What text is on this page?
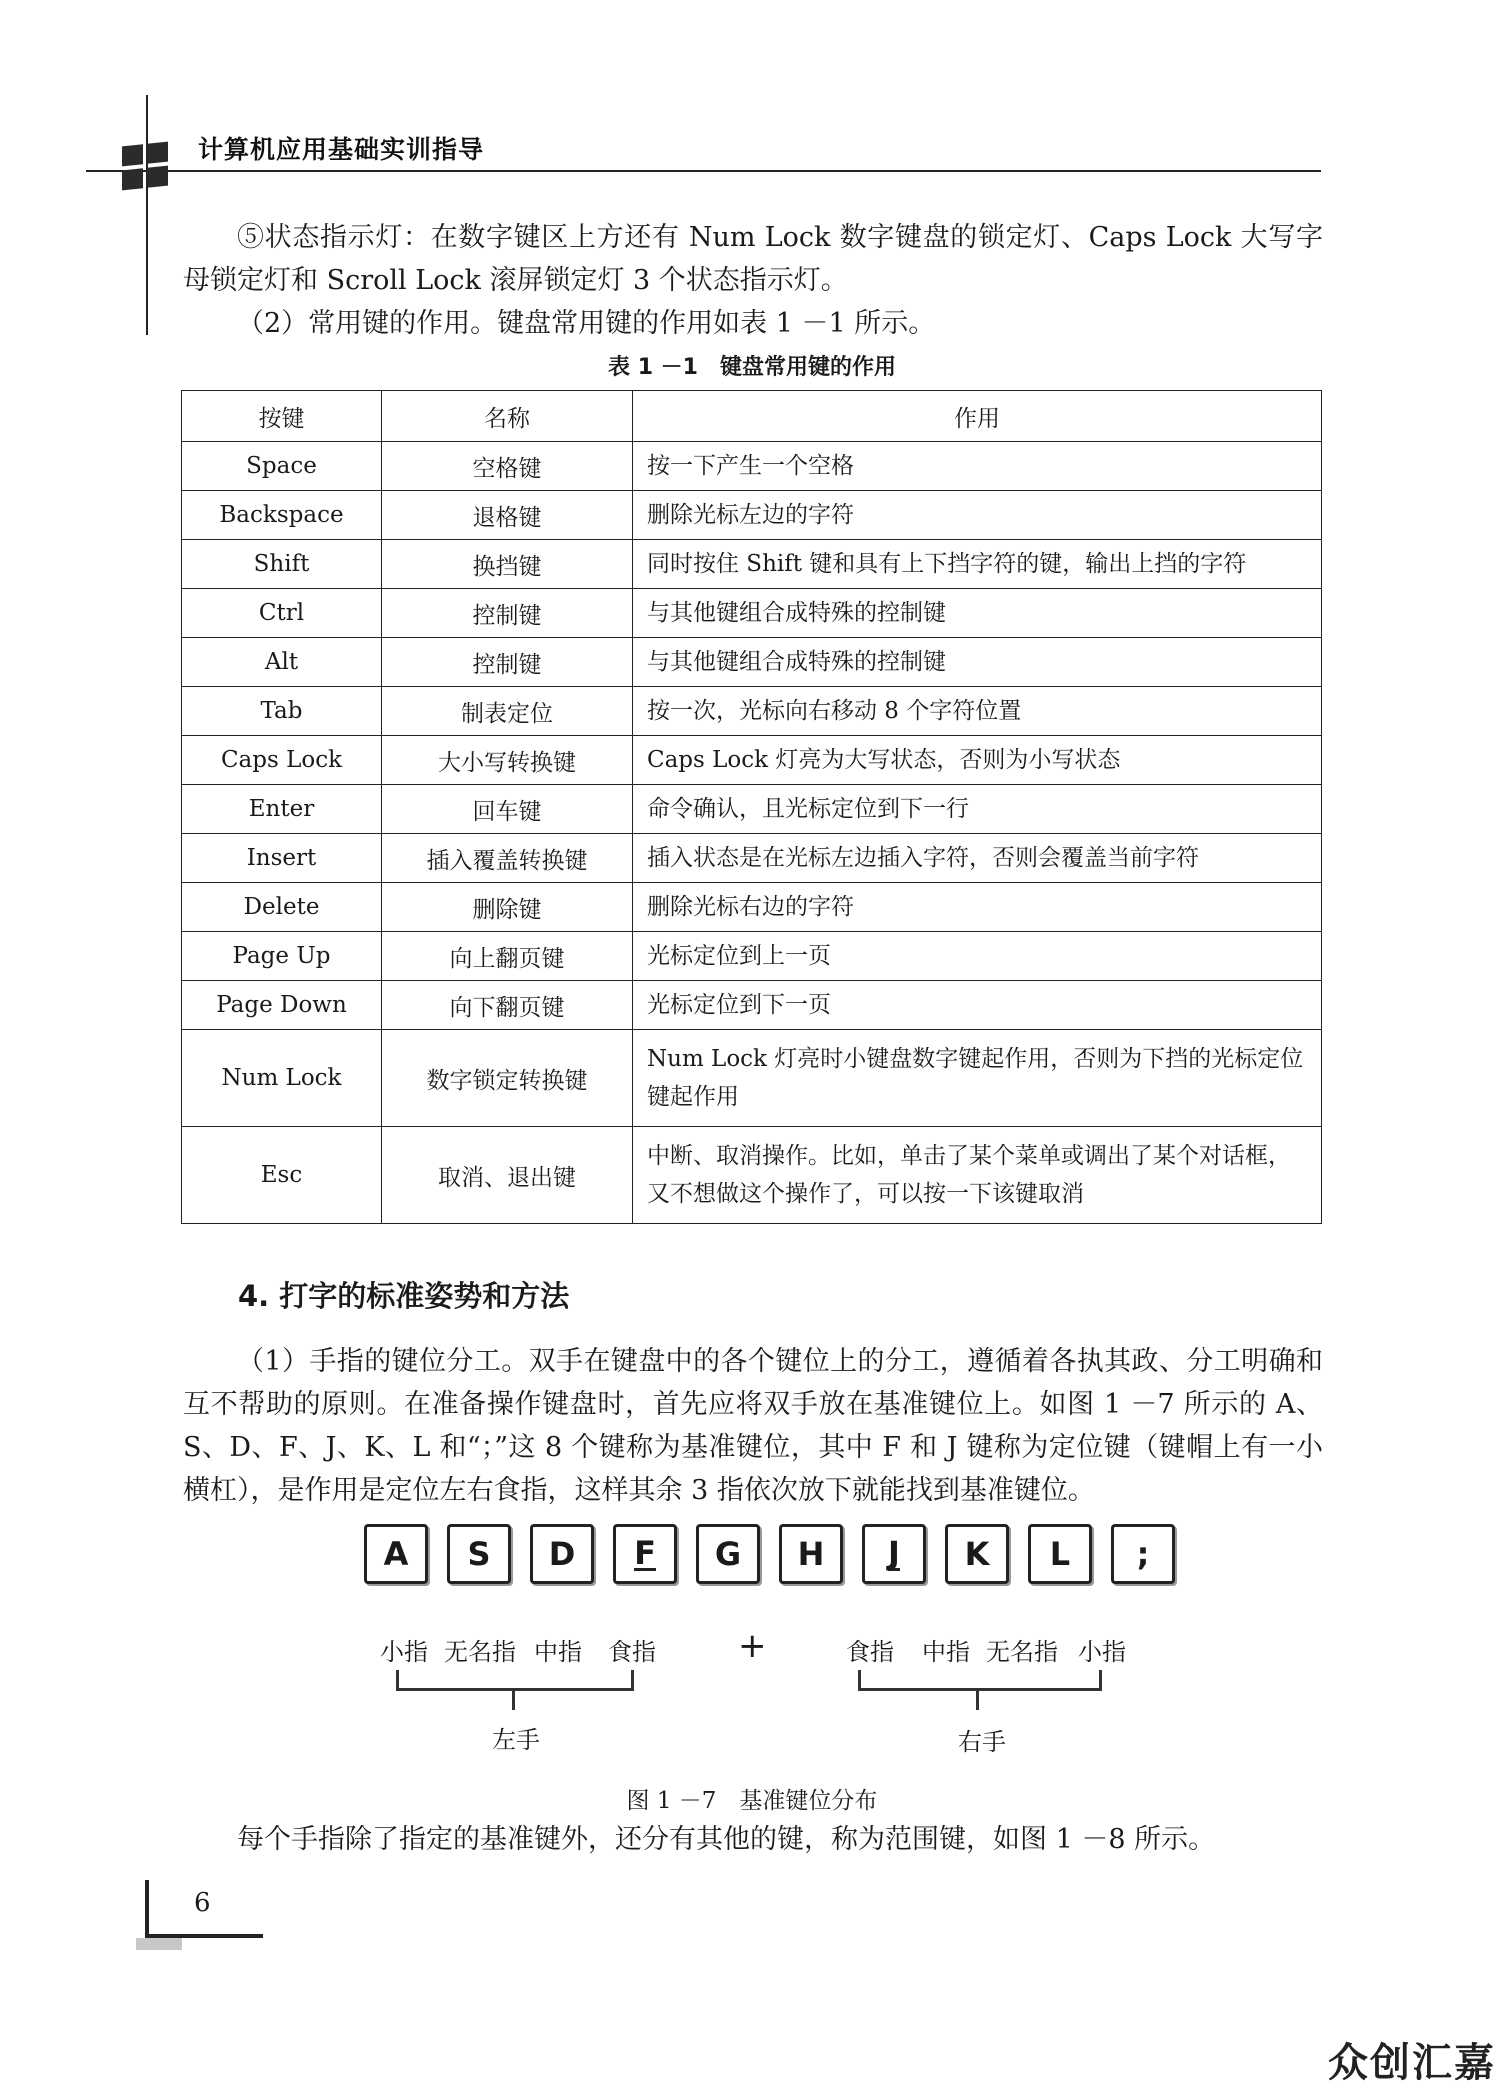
计算机应用基础实训指导
⑤状态指示灯：在数字键区上方还有 Num Lock 数字键盘的锁定灯、Caps Lock 大写字母锁定灯和 Scroll Lock 滚屏锁定灯 3 个状态指示灯。
（2）常用键的作用。键盘常用键的作用如表 1 －1 所示。
表 1 －1　键盘常用键的作用
按键	名称	作用
Space	空格键	按一下产生一个空格
Backspace	退格键	删除光标左边的字符
Shift	换挡键	同时按住 Shift 键和具有上下挡字符的键，输出上挡的字符
Ctrl	控制键	与其他键组合成特殊的控制键
Alt	控制键	与其他键组合成特殊的控制键
Tab	制表定位	按一次，光标向右移动 8 个字符位置
Caps Lock	大小写转换键	Caps Lock 灯亮为大写状态，否则为小写状态
Enter	回车键	命令确认，且光标定位到下一行
Insert	插入覆盖转换键	插入状态是在光标左边插入字符，否则会覆盖当前字符
Delete	删除键	删除光标右边的字符
Page Up	向上翻页键	光标定位到上一页
Page Down	向下翻页键	光标定位到下一页
Num Lock	数字锁定转换键	Num Lock 灯亮时小键盘数字键起作用，否则为下挡的光标定位键起作用
Esc	取消、退出键	中断、取消操作。比如，单击了某个菜单或调出了某个对话框，又不想做这个操作了，可以按一下该键取消
4. 打字的标准姿势和方法
（1）手指的键位分工。双手在键盘中的各个键位上的分工，遵循着各执其政、分工明确和互不帮助的原则。在准备操作键盘时，首先应将双手放在基准键位上。如图 1 －7 所示的 A、S、D、F、J、K、L 和“；”这 8 个键称为基准键位，其中 F 和 J 键称为定位键（键帽上有一小横杠），是作用是定位左右食指，这样其余 3 指依次放下就能找到基准键位。
A S D F G H J K L ;
小指 无名指 中指 食指
左手
+	食指 中指 无名指 小指
右手
图 1 －7　基准键位分布
每个手指除了指定的基准键外，还分有其他的键，称为范围键，如图 1 －8 所示。
6
众创汇嘉
